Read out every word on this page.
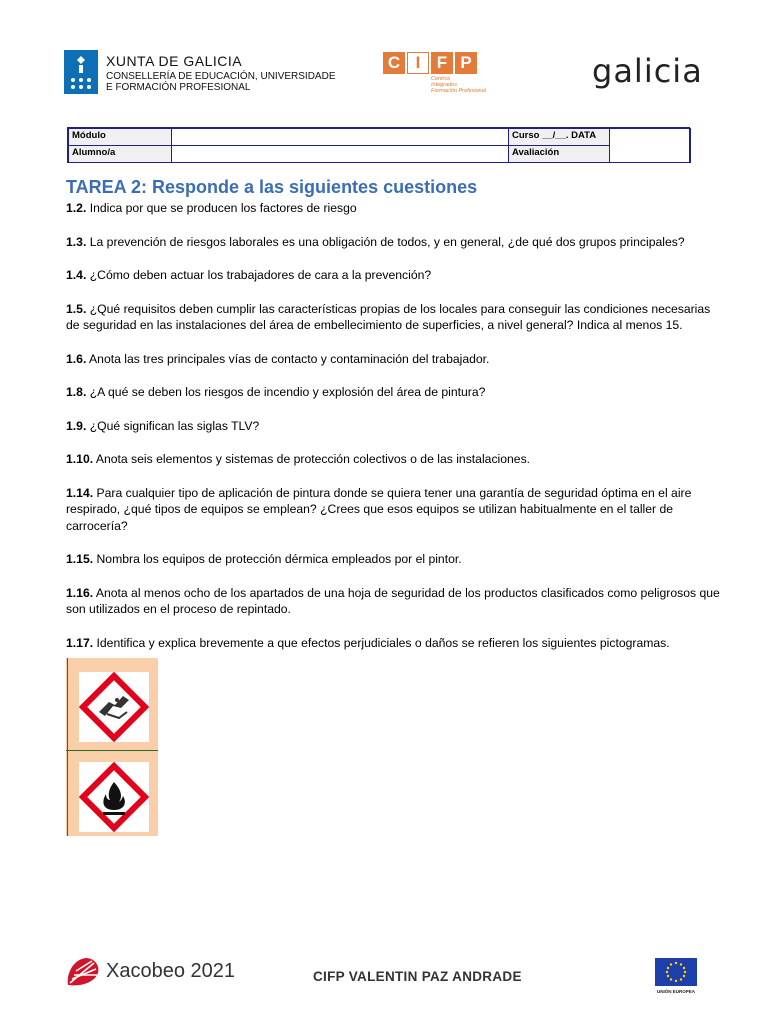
XUNTA DE GALICIA
CONSELLERÍA DE EDUCACIÓN, UNIVERSIDADE
E FORMACIÓN PROFESIONAL
C I F P
Centros
Integrados
Formación Profesional
galicia
Módulo	Curso __/__. DATA
Alumno/a	Avaliación
TAREA 2: Responde a las siguientes cuestiones

1.2. Indica por que se producen los factores de riesgo

1.3. La prevención de riesgos laborales es una obligación de todos, y en general, ¿de qué dos grupos principales?

1.4. ¿Cómo deben actuar los trabajadores de cara a la prevención?

1.5. ¿Qué requisitos deben cumplir las características propias de los locales para conseguir las condiciones necesarias de seguridad en las instalaciones del área de embellecimiento de superficies, a nivel general? Indica al menos 15.

1.6. Anota las tres principales vías de contacto y contaminación del trabajador.

1.8. ¿A qué se deben los riesgos de incendio y explosión del área de pintura?

1.9. ¿Qué significan las siglas TLV?

1.10. Anota seis elementos y sistemas de protección colectivos o de las instalaciones.

1.14. Para cualquier tipo de aplicación de pintura donde se quiera tener una garantía de seguridad óptima en el aire respirado, ¿qué tipos de equipos se emplean? ¿Crees que esos equipos se utilizan habitualmente en el taller de carrocería?

1.15. Nombra los equipos de protección dérmica empleados por el pintor.

1.16. Anota al menos ocho de los apartados de una hoja de seguridad de los productos clasificados como peligrosos que son utilizados en el proceso de repintado.

1.17. Identifica y explica brevemente a que efectos perjudiciales o daños se refieren los siguientes pictogramas.

Xacobeo 2021	CIFP VALENTIN PAZ ANDRADE
UNIÓN EUROPEA
